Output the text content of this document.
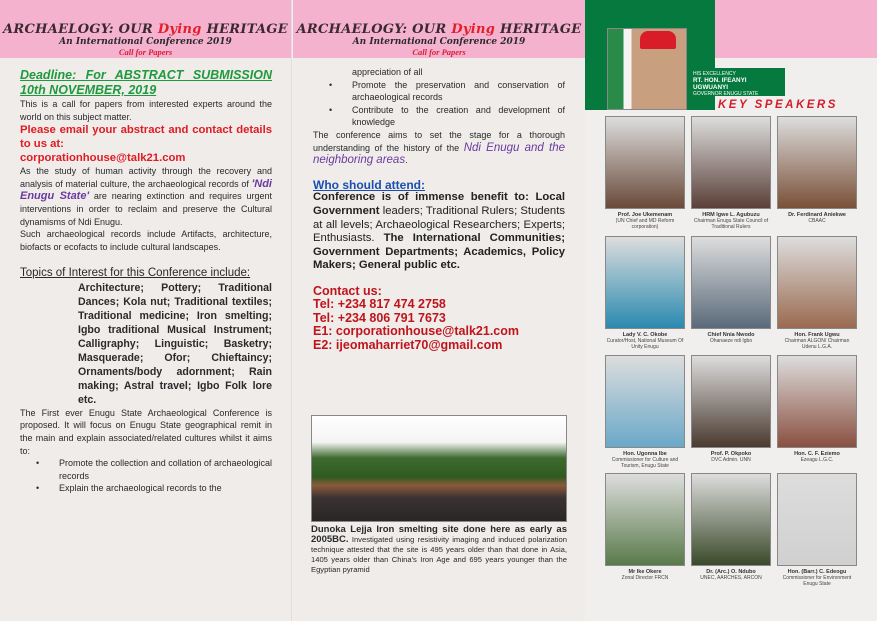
ARCHAELOGY: OUR Dying HERITAGE
An International Conference 2019
Call for Papers
Deadline: For ABSTRACT SUBMISSION 10th NOVEMBER, 2019
This is a call for papers from interested experts around the world on this subject matter.
Please email your abstract and contact details to us at:
corporationhouse@talk21.com
As the study of human activity through the recovery and analysis of material culture, the archaeological records of 'Ndi Enugu State' are nearing extinction and requires urgent interventions in order to reclaim and preserve the Cultural dynamisms of Ndi Enugu.
Such archaeological records include Artifacts, architecture, biofacts or ecofacts to include cultural landscapes.
Topics of Interest for this Conference include:
Architecture; Pottery; Traditional Dances; Kola nut; Traditional textiles; Traditional medicine; Iron smelting; Igbo traditional Musical Instrument; Calligraphy; Linguistic; Basketry; Masquerade; Ofor; Chieftaincy; Ornaments/body adornment; Rain making; Astral travel; Igbo Folk lore etc.
The First ever Enugu State Archaeological Conference is proposed. It will focus on Enugu State geographical remit in the main and explain associated/related cultures whilst it aims to:
• Promote the collection and collation of archaeological records
• Explain the archaeological records to the
ARCHAELOGY: OUR Dying HERITAGE
An International Conference 2019
Call for Papers
appreciation of all
• Promote the preservation and conservation of archaeological records
• Contribute to the creation and development of knowledge
The conference aims to set the stage for a thorough understanding of the history of the Ndi Enugu and the neighboring areas.
Who should attend:
Conference is of immense benefit to: Local Government leaders; Traditional Rulers; Students at all levels; Archaeological Researchers; Experts; Enthusiasts. The International Communities; Government Departments; Academics, Policy Makers; General public etc.
Contact us:
Tel: +234 817 474 2758
Tel: +234 806 791 7673
E1: corporationhouse@talk21.com
E2: ijeomaharriet70@gmail.com
Dunoka Lejja Iron smelting site done here as early as 2005BC. Investigated using resistivity imaging and induced polarization technique attested that the site is 495 years older than that done in Asia, 1405 years older than China's Iron Age and 695 years younger than the Egyptian pyramid
HIS EXCELLENCY
RT. HON. IFEANYI UGWUANYI
GOVERNOR ENUGU STATE
KEY SPEAKERS
Prof. Joe Ukemenam
(UN Chief and MD Reform corporation)
HRM Igwe L. Agubuzu
Chairman Enugu State Council of Traditional Rulers
Dr. Ferdinard Aniekwe
CBAAC
Lady V. C. Okobe
Curator/Host, National Museum Of Unity Enugu
Chief Nnia Nwodo
Ohanaeze ndi Igbo
Hon. Frank Ugwu
Chairman ALGON/ Chairman Udenu L.G.A.
Hon. Ugonna Ibe
Commissioner for Culture and Tourism, Enugu State
Prof. P. Okpoko
DVC Admin. UNN
Hon. C. F. Eziemo
Ezeagu L.G.C.
Mr Ike Okere
Zonal Director FRCN
Dr. (Arc.) O. Ndubo
UNEC, AARCHES, ARCON
Hon. (Barr.) C. Edeogu
Commissioner for Environment Enugu State
